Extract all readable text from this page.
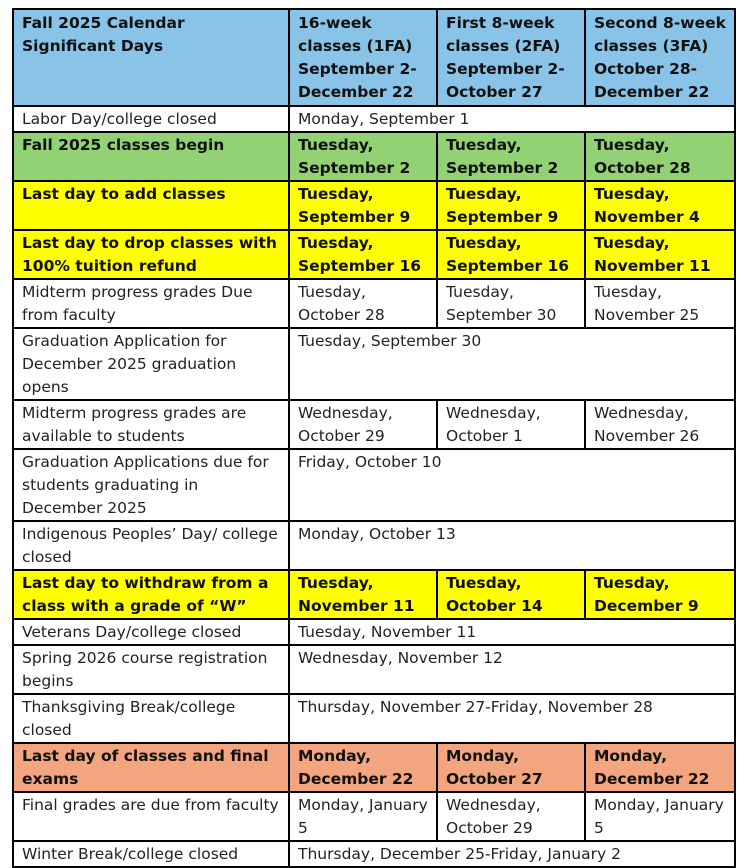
Fall 2025 Calendar Significant Days	16-week classes (1FA) September 2-December 22	First 8-week classes (2FA) September 2-October 27	Second 8-week classes (3FA) October 28-December 22
Labor Day/college closed	Monday, September 1		
Fall 2025 classes begin	Tuesday, September 2	Tuesday, September 2	Tuesday, October 28
Last day to add classes	Tuesday, September 9	Tuesday, September 9	Tuesday, November 4
Last day to drop classes with 100% tuition refund	Tuesday, September 16	Tuesday, September 16	Tuesday, November 11
Midterm progress grades Due from faculty	Tuesday, October 28	Tuesday, September 30	Tuesday, November 25
Graduation Application for December 2025 graduation opens	Tuesday, September 30		
Midterm progress grades are available to students	Wednesday, October 29	Wednesday, October 1	Wednesday, November 26
Graduation Applications due for students graduating in December 2025	Friday, October 10		
Indigenous Peoples’ Day/ college closed	Monday, October 13		
Last day to withdraw from a class with a grade of “W”	Tuesday, November 11	Tuesday, October 14	Tuesday, December 9
Veterans Day/college closed	Tuesday, November 11		
Spring 2026 course registration begins	Wednesday, November 12		
Thanksgiving Break/college closed	Thursday, November 27-Friday, November 28		
Last day of classes and final exams	Monday, December 22	Monday, October 27	Monday, December 22
Final grades are due from faculty	Monday, January 5	Wednesday, October 29	Monday, January 5
Winter Break/college closed	Thursday, December 25-Friday, January 2		
